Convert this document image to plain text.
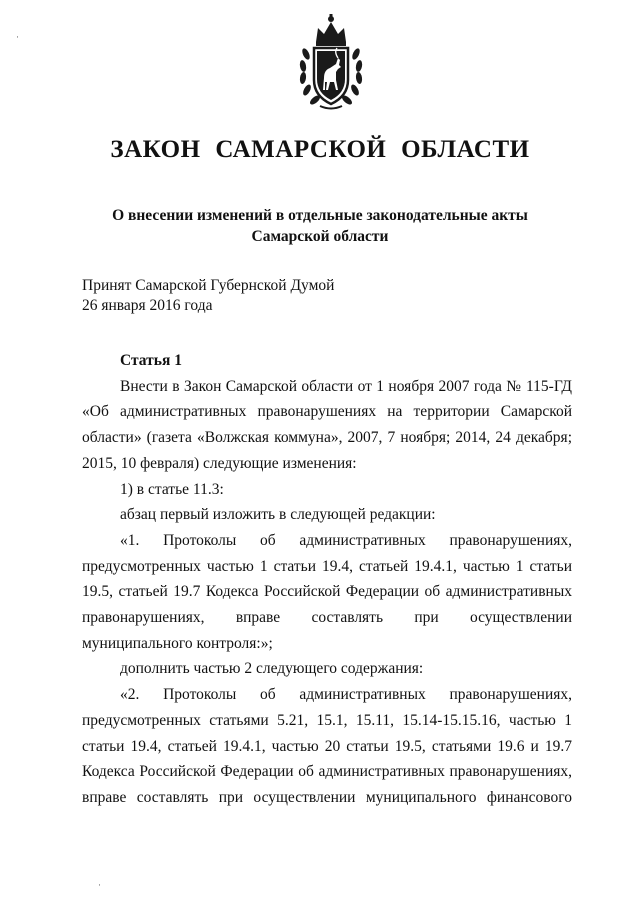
ЗАКОН САМАРСКОЙ ОБЛАСТИ
О внесении изменений в отдельные законодательные акты
Самарской области
Принят Самарской Губернской Думой
26 января 2016 года

Статья 1

Внести в Закон Самарской области от 1 ноября 2007 года № 115-ГД «Об административных правонарушениях на территории Самарской области» (газета «Волжская коммуна», 2007, 7 ноября; 2014, 24 декабря; 2015, 10 февраля) следующие изменения:

1) в статье 11.3:

абзац первый изложить в следующей редакции:

«1. Протоколы об административных правонарушениях, предусмотренных частью 1 статьи 19.4, статьей 19.4.1, частью 1 статьи 19.5, статьей 19.7 Кодекса Российской Федерации об административных правонарушениях, вправе составлять при осуществлении муниципального контроля:»;

дополнить частью 2 следующего содержания:

«2. Протоколы об административных правонарушениях, предусмотренных статьями 5.21, 15.1, 15.11, 15.14-15.15.16, частью 1 статьи 19.4, статьей 19.4.1, частью 20 статьи 19.5, статьями 19.6 и 19.7 Кодекса Российской Федерации об административных правонарушениях, вправе составлять при осуществлении муниципального финансового

·
·
